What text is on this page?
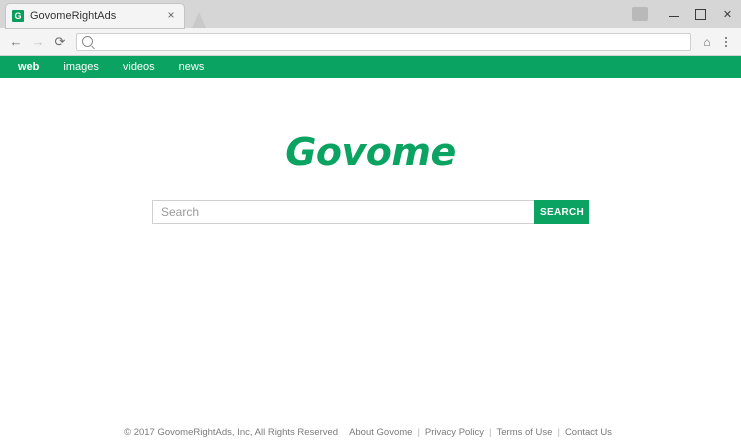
G GovomeRightAds	×	✕
← → ⟳	⌂
web	images	videos	news
Govome
Search
SEARCH
© 2017 GovomeRightAds, Inc, All Rights Reserved About Govome | Privacy Policy | Terms of Use | Contact Us
